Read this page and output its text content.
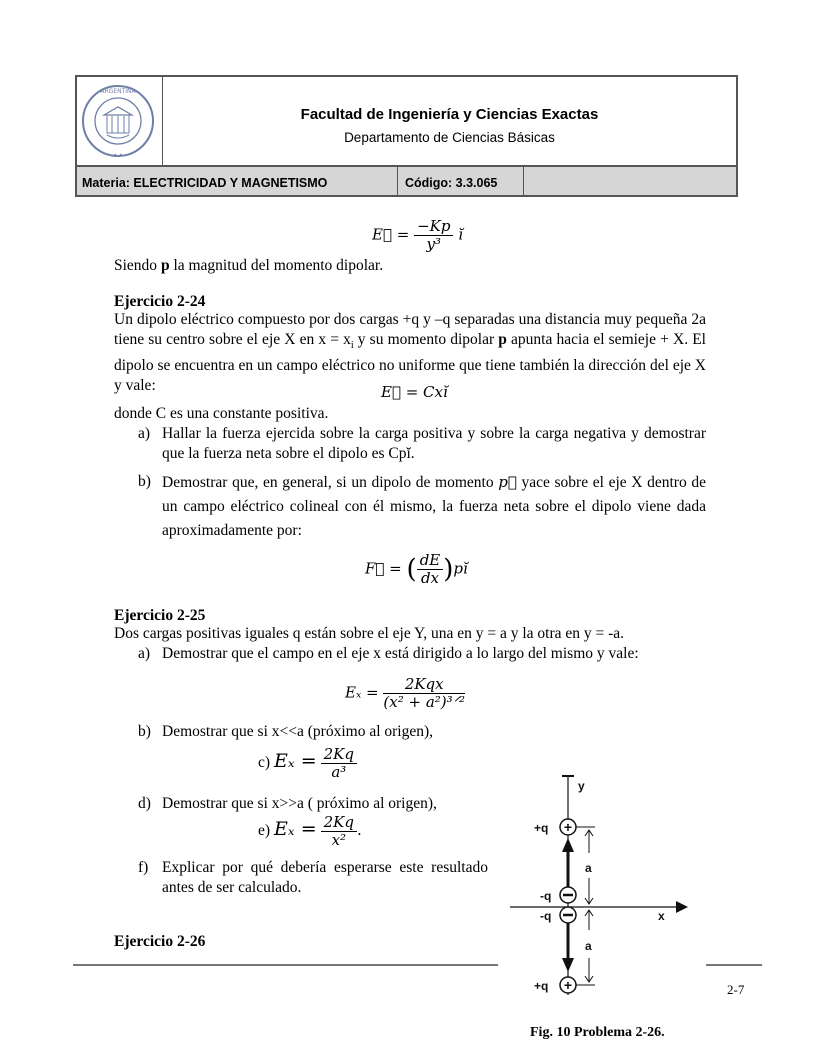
ARGENTINA
• •
Facultad de Ingeniería y Ciencias Exactas
Departamento de Ciencias Básicas
Materia: ELECTRICIDAD Y MAGNETISMO	Código: 3.3.065
E⃗ = $\frac{-Kp}{\text{y³}}$ ĭ
Siendo p la magnitud del momento dipolar.
Ejercicio 2-24
Un dipolo eléctrico compuesto por dos cargas +q y –q separadas una distancia muy pequeña 2a tiene su centro sobre el eje X en $x = x_i$ y su momento dipolar p apunta hacia el semieje + X. El dipolo se encuentra en un campo eléctrico no uniforme que tiene también la dirección del eje X y vale:	E⃗ = Cxĭ
donde C es una constante positiva.
a) Hallar la fuerza ejercida sobre la carga positiva y sobre la carga negativa y demostrar que la fuerza neta sobre el dipolo es Cpĭ.
b) Demostrar que, en general, si un dipolo de momento p⃗ yace sobre el eje X dentro de un campo eléctrico colineal con él mismo, la fuerza neta sobre el dipolo viene dada aproximadamente por:
F⃗ = ( $\frac{dE}{dx}$ )pĭ
Ejercicio 2-25
Dos cargas positivas iguales q están sobre el eje Y, una en y = a y la otra en y = -a.
a) Demostrar que el campo en el eje x está dirigido a lo largo del mismo y vale:
$E_x = \frac{\text{2Kqx}}{\text{(x² + a²)³ᐟ²}}$
b) Demostrar que si x<<a (próximo al origen),
c) $E_x = \frac{2Kq}{\text{a³}}$
d) Demostrar que si x>>a ( próximo al origen),
e) $E_x = \frac{2Kq}{\text{x²}}$ .
f) Explicar por qué debería esperarse este resultado antes de ser calculado.
Ejercicio 2-26
2-7
y
x
+
+q
-q
-q
+
+q
a
a
Fig. 10 Problema 2-26.
